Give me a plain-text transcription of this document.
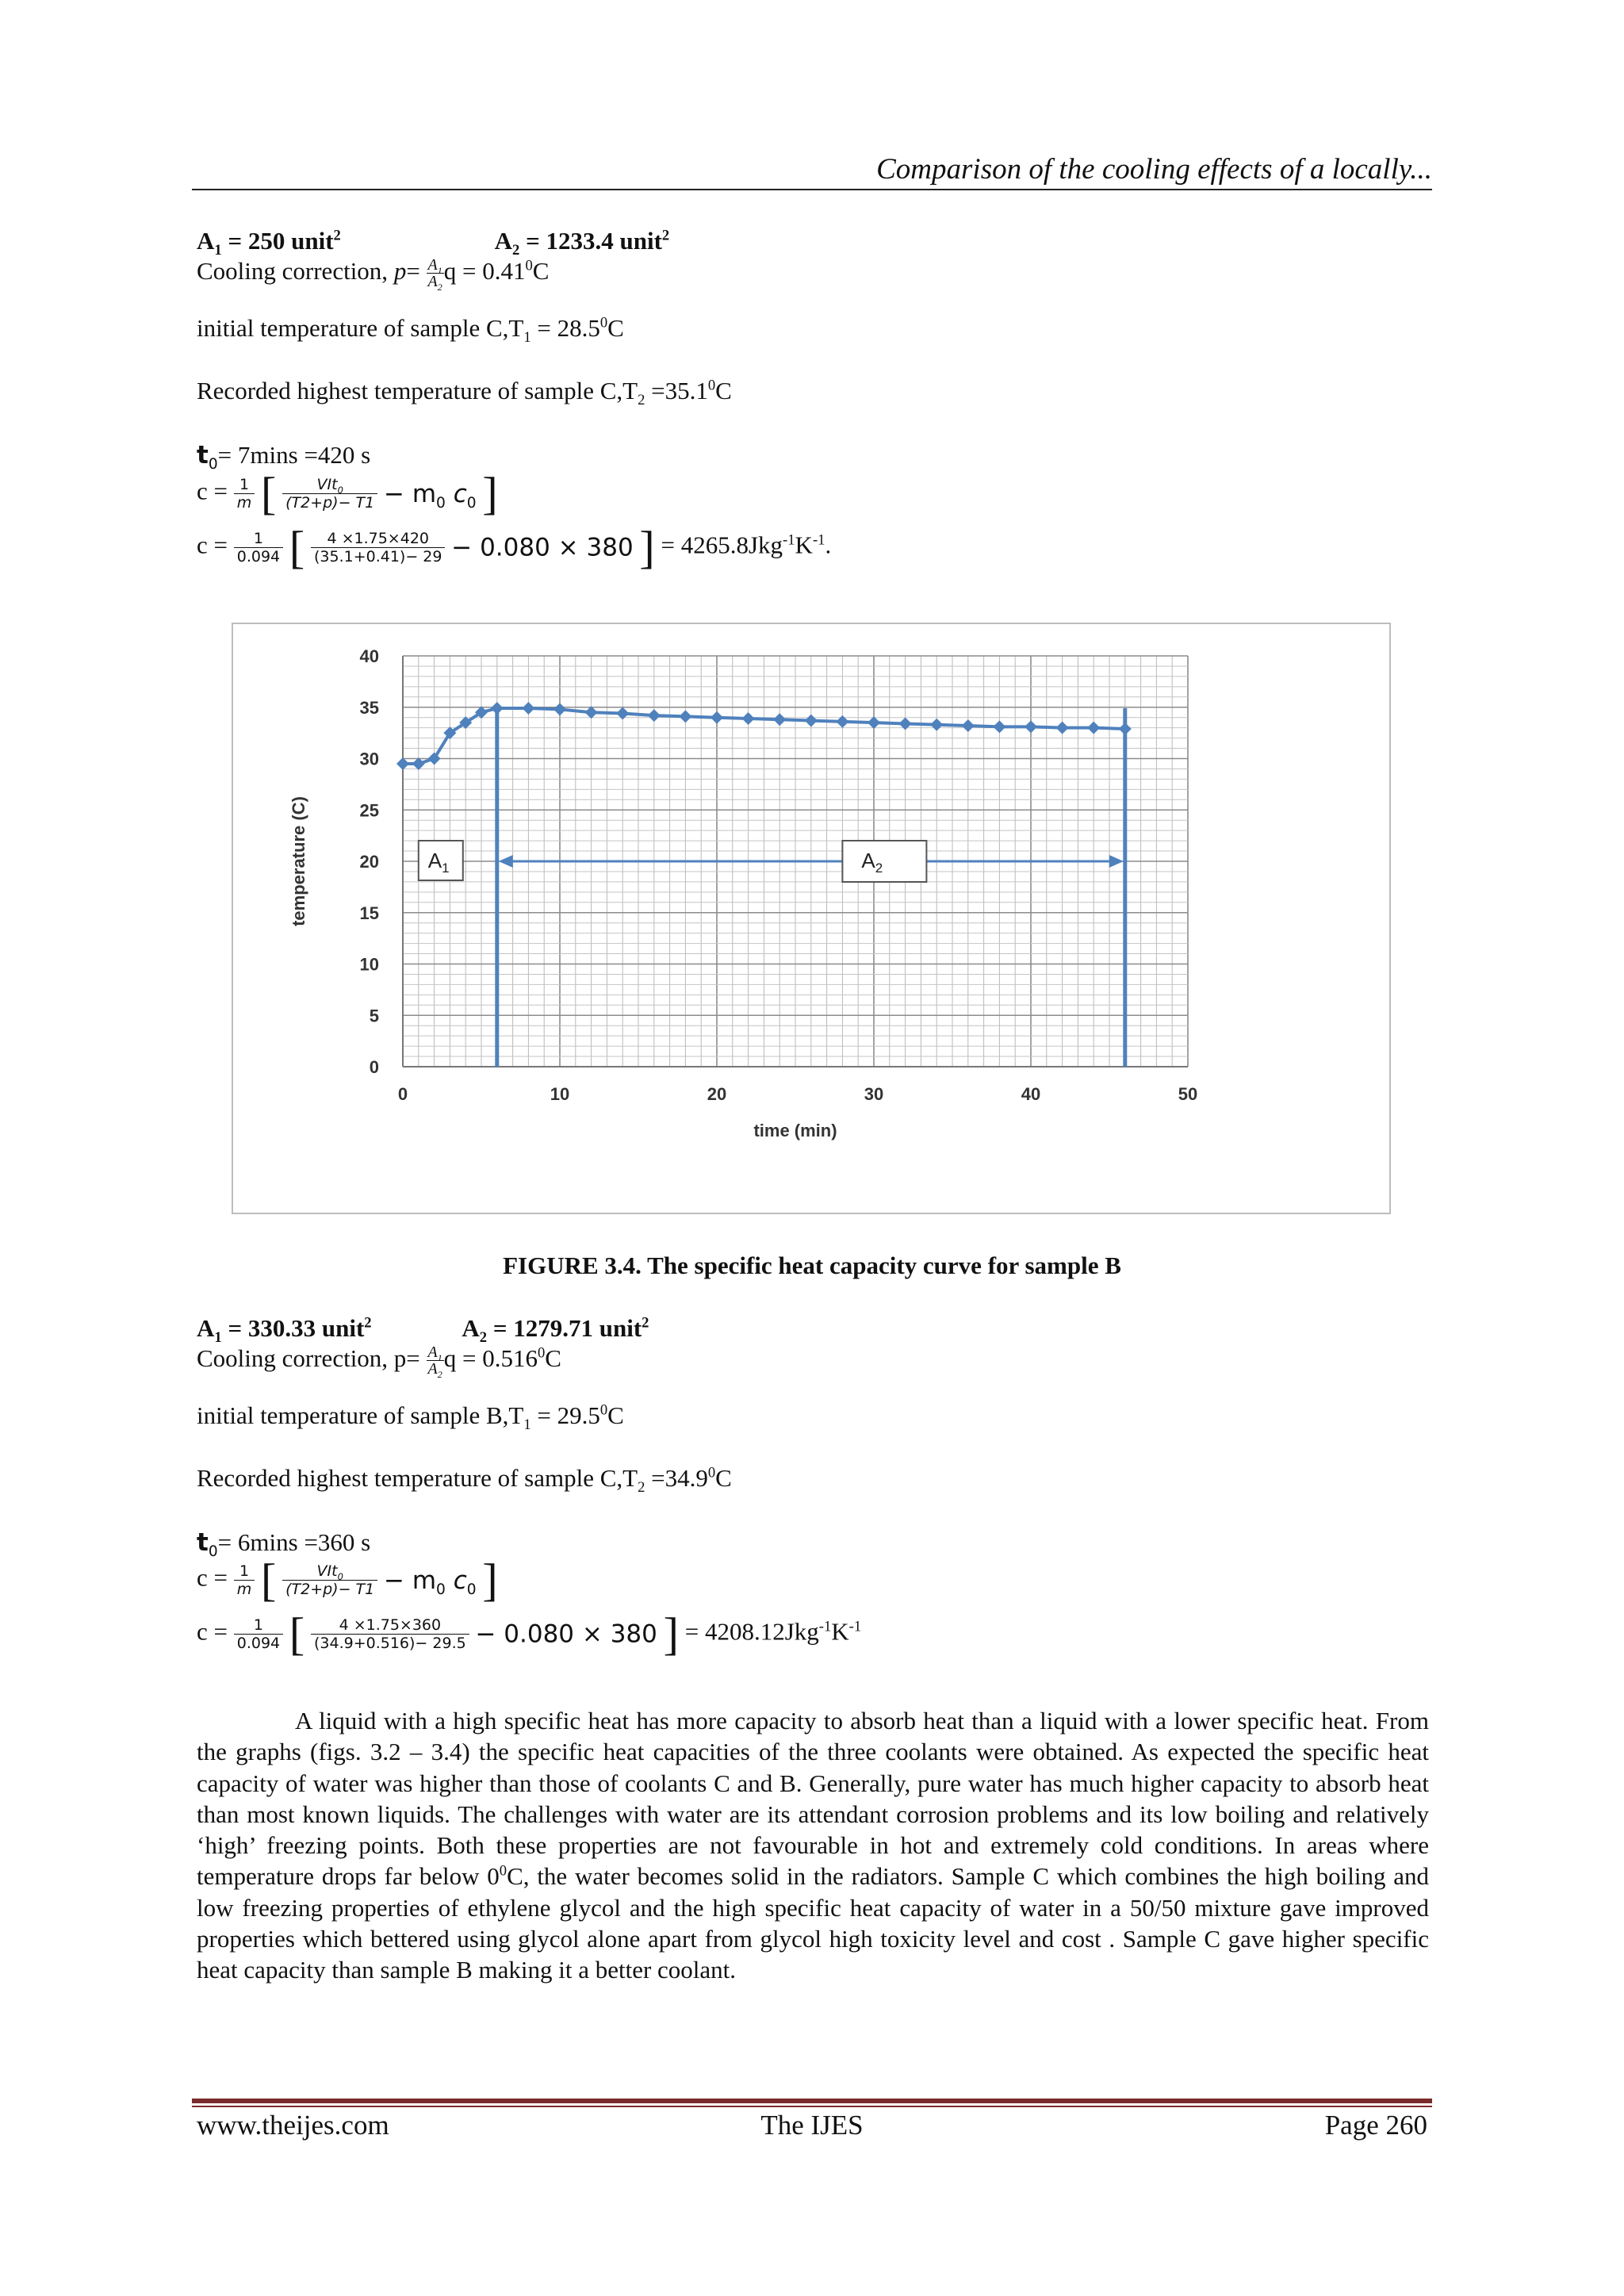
Comparison of the cooling effects of a locally...
$A_1 = 250$ unit$^2$	$A_2 = 1233.4$ unit$^2$
Cooling correction, $p= \frac{A_1}{A_2}$ $q = 0.41^0C$
initial temperature of sample $C,T_1 = 28.5^0C$
Recorded highest temperature of sample $C,T_2 =35.1^0C$
$t_0= 7\min s =420$ s
$c = \frac{1}{m}$ [ $\frac{VIt_0}{(T2+p)- T1} - m_0$ $c_0$ ]
$c = \frac{1}{0.094}$ [ $\frac{4 \times 1.75\times 420}{(35.1+0.41)- 29} - 0.080 \times 380$ ] = $4265.8Jkg^{-1}K^{-1}$.
0	10	20	30	40	50
0
5
10
15
20
25
30
35
40
time (min)
temperature (C)	$A_1$	$A_2$
FIGURE 3.4. The specific heat capacity curve for sample B
$A_1 = 330.33$ unit$^2$	$A_2 = 1279.71$ unit$^2$
Cooling correction, $p= \frac{A_1}{A_2}$ $q = 0.516^0C$
initial temperature of sample $B,T_1 = 29.5^0C$
Recorded highest temperature of sample $C,T_2 =34.9^0C$
$t_0= 6\min s =360$ s
$c = \frac{1}{m}$ [ $\frac{VIt_0}{(T2+p)- T1} - m_0$ $c_0$ ]
$c = \frac{1}{0.094}$ [ $\frac{4 \times 1.75\times 360}{(34.9+0.516)- 29.5} - 0.080 \times 380$ ] = $4208.12Jkg^{-1}K^{-1}$
A liquid with a high specific heat has more capacity to absorb heat than a liquid with a lower specific heat. From the graphs (figs. 3.2 – 3.4) the specific heat capacities of the three coolants were obtained. As expected the specific heat capacity of water was higher than those of coolants C and B. Generally, pure water has much higher capacity to absorb heat than most known liquids. The challenges with water are its attendant corrosion problems and its low boiling and relatively ‘high’ freezing points. Both these properties are not favourable in hot and extremely cold conditions. In areas where temperature drops far below $0^0C$, the water becomes solid in the radiators. Sample C which combines the high boiling and low freezing properties of ethylene glycol and the high specific heat capacity of water in a 50/50 mixture gave improved properties which bettered using glycol alone apart from glycol high toxicity level and cost . Sample C gave higher specific heat capacity than sample B making it a better coolant.
www.theijes.com	The IJES	Page 260
